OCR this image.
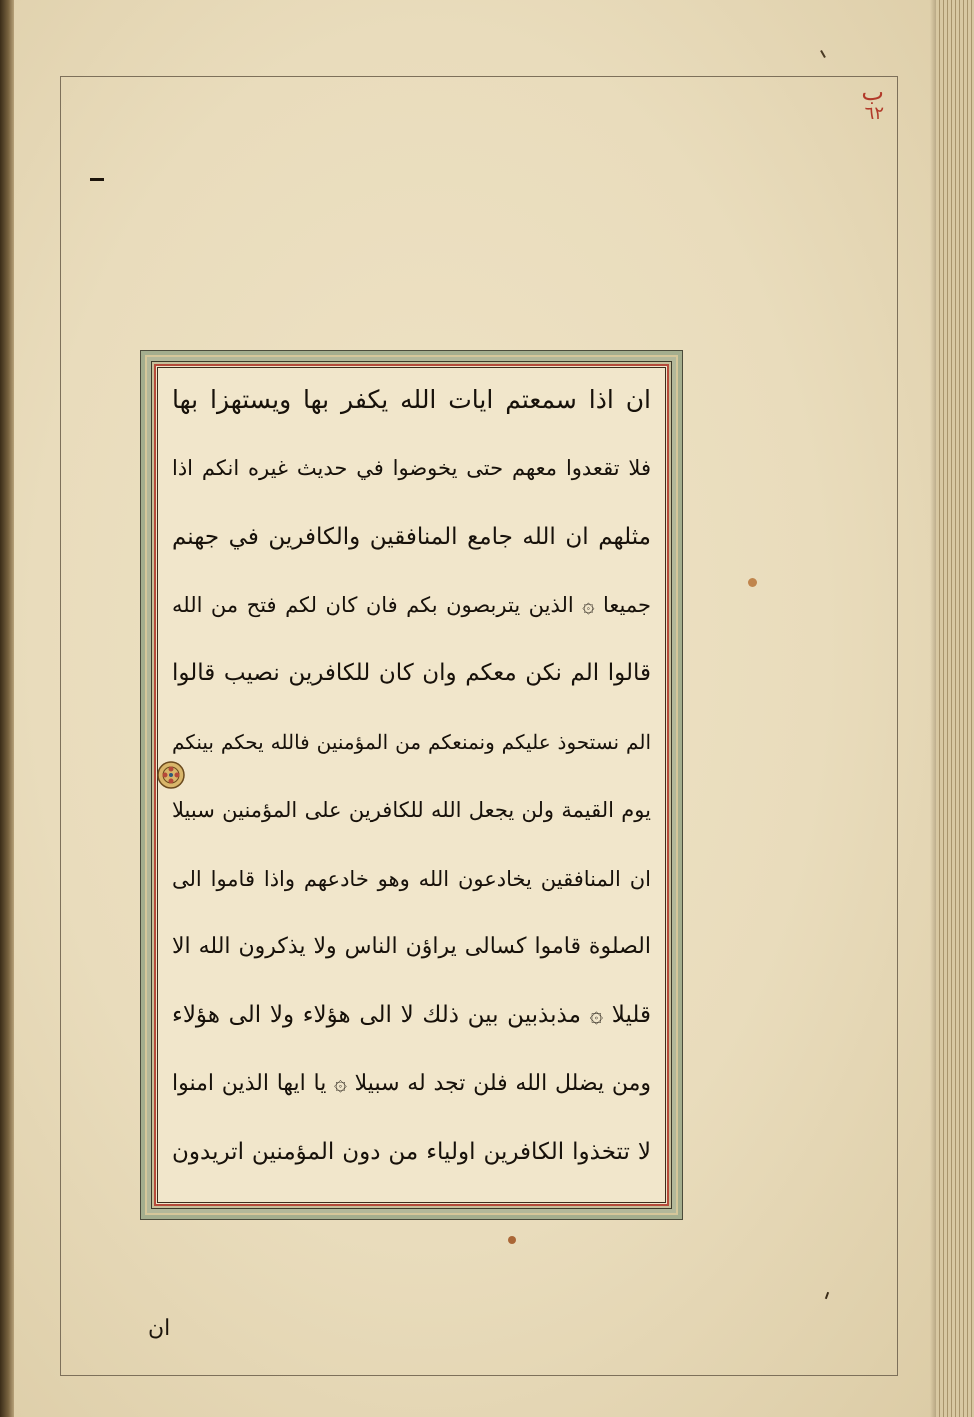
ب
٦٢
ان اذا سمعتم ايات الله يكفر بها ويستهزا بها
فلا تقعدوا معهم حتى يخوضوا في حديث غيره انكم اذا
مثلهم ان الله جامع المنافقين والكافرين في جهنم
جميعا ۞ الذين يتربصون بكم فان كان لكم فتح من الله
قالوا الم نكن معكم وان كان للكافرين نصيب قالوا
الم نستحوذ عليكم ونمنعكم من المؤمنين فالله يحكم بينكم
يوم القيمة ولن يجعل الله للكافرين على المؤمنين سبيلا
ان المنافقين يخادعون الله وهو خادعهم واذا قاموا الى
الصلوة قاموا كسالى يراؤن الناس ولا يذكرون الله الا
قليلا ۞ مذبذبين بين ذلك لا الى هؤلاء ولا الى هؤلاء
ومن يضلل الله فلن تجد له سبيلا ۞ يا ايها الذين امنوا
لا تتخذوا الكافرين اولياء من دون المؤمنين اتريدون
ان
